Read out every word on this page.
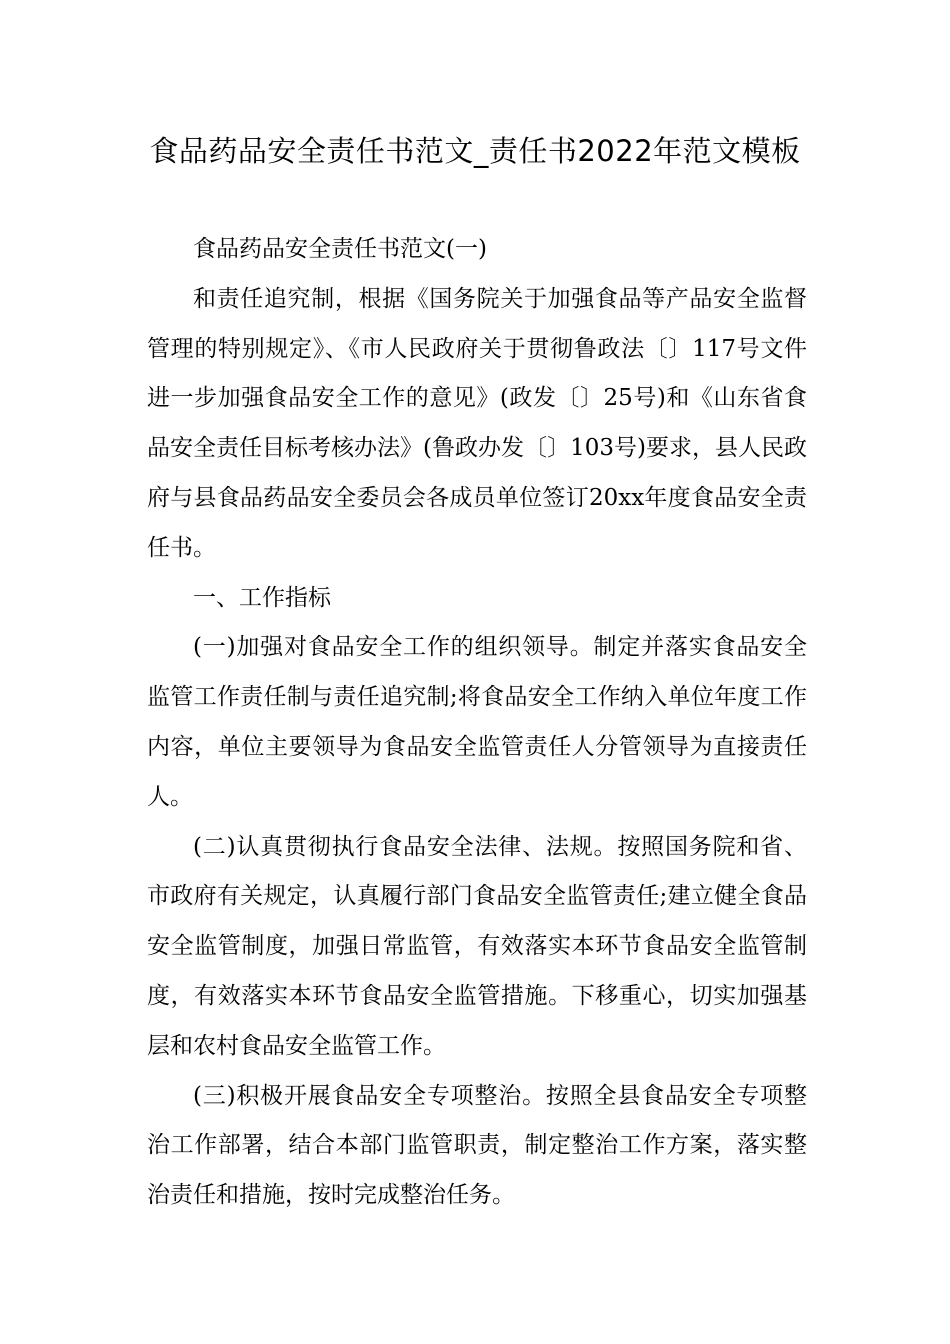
食品药品安全责任书范文_责任书2022年范文模板

食品药品安全责任书范文(一)

和责任追究制，根据《国务院关于加强食品等产品安全监督管理的特别规定》、《市人民政府关于贯彻鲁政法〔〕117号文件进一步加强食品安全工作的意见》(政发〔〕25号)和《山东省食品安全责任目标考核办法》(鲁政办发〔〕103号)要求，县人民政府与县食品药品安全委员会各成员单位签订20xx年度食品安全责任书。

一、工作指标

(一)加强对食品安全工作的组织领导。制定并落实食品安全监管工作责任制与责任追究制;将食品安全工作纳入单位年度工作内容，单位主要领导为食品安全监管责任人分管领导为直接责任人。

(二)认真贯彻执行食品安全法律、法规。按照国务院和省、市政府有关规定，认真履行部门食品安全监管责任;建立健全食品安全监管制度，加强日常监管，有效落实本环节食品安全监管制度，有效落实本环节食品安全监管措施。下移重心，切实加强基层和农村食品安全监管工作。

(三)积极开展食品安全专项整治。按照全县食品安全专项整治工作部署，结合本部门监管职责，制定整治工作方案，落实整治责任和措施，按时完成整治任务。
